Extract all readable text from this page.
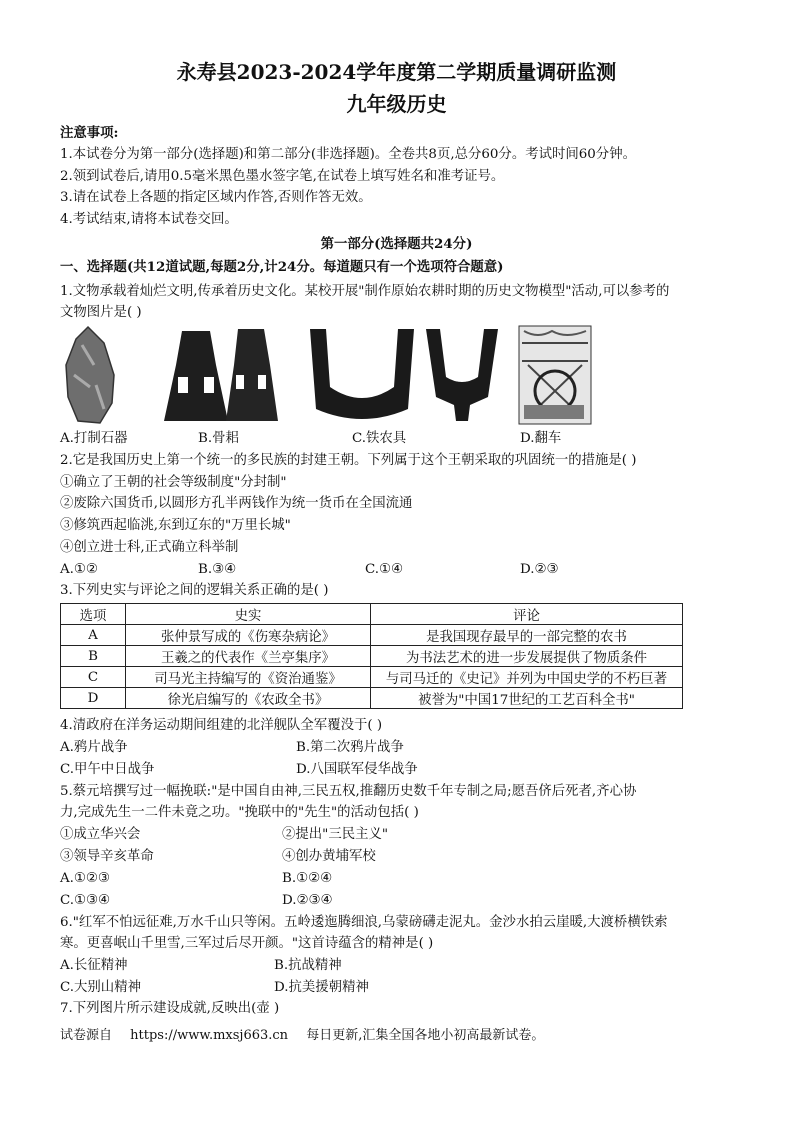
永寿县2023-2024学年度第二学期质量调研监测
九年级历史
注意事项:
1.本试卷分为第一部分(选择题)和第二部分(非选择题)。全卷共8页,总分60分。考试时间60分钟。
2.领到试卷后,请用0.5毫米黑色墨水签字笔,在试卷上填写姓名和准考证号。
3.请在试卷上各题的指定区域内作答,否则作答无效。
4.考试结束,请将本试卷交回。
第一部分(选择题共24分)
一、选择题(共12道试题,每题2分,计24分。每道题只有一个选项符合题意)
1.文物承载着灿烂文明,传承着历史文化。某校开展"制作原始农耕时期的历史文物模型"活动,可以参考的
文物图片是( )
A.打制石器	B.骨耜	C.铁农具	D.翻车
2.它是我国历史上第一个统一的多民族的封建王朝。下列属于这个王朝采取的巩固统一的措施是( )
①确立了王朝的社会等级制度"分封制"
②废除六国货币,以圆形方孔半两钱作为统一货币在全国流通
③修筑西起临洮,东到辽东的"万里长城"
④创立进士科,正式确立科举制
A.①②	B.③④	C.①④	D.②③
3.下列史实与评论之间的逻辑关系正确的是( )
选项	史实	评论
A	张仲景写成的《伤寒杂病论》	是我国现存最早的一部完整的农书
B	王羲之的代表作《兰亭集序》	为书法艺术的进一步发展提供了物质条件
C	司马光主持编写的《资治通鉴》	与司马迁的《史记》并列为中国史学的不朽巨著
D	徐光启编写的《农政全书》	被誉为"中国17世纪的工艺百科全书"
4.清政府在洋务运动期间组建的北洋舰队全军覆没于( )
A.鸦片战争	B.第二次鸦片战争
C.甲午中日战争	D.八国联军侵华战争
5.蔡元培撰写过一幅挽联:"是中国自由神,三民五权,推翻历史数千年专制之局;愿吾侪后死者,齐心协
力,完成先生一二件未竟之功。"挽联中的"先生"的活动包括( )
①成立华兴会	②提出"三民主义"
③领导辛亥革命	④创办黄埔军校
A.①②③	B.①②④
C.①③④	D.②③④
6."红军不怕远征难,万水千山只等闲。五岭逶迤腾细浪,乌蒙磅礴走泥丸。金沙水拍云崖暖,大渡桥横铁索
寒。更喜岷山千里雪,三军过后尽开颜。"这首诗蕴含的精神是( )
A.长征精神	B.抗战精神
C.大别山精神	D.抗美援朝精神
7.下列图片所示建设成就,反映出(壶 )
试卷源自 https://www.mxsj663.cn 每日更新,汇集全国各地小初高最新试卷。
